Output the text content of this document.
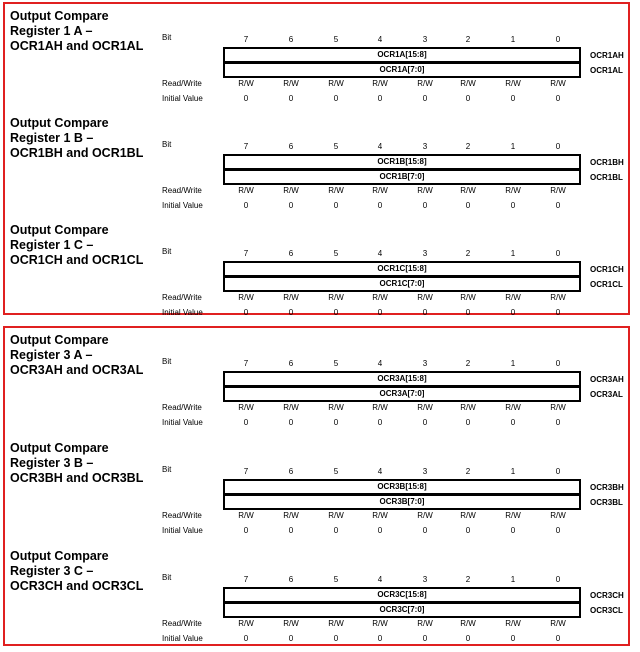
Output Compare
Register 1 A –
OCR1AH and OCR1AL
Bit
Read/Write
Initial Value
7
R/W
0
6
R/W
0
5
R/W
0
4
R/W
0
3
R/W
0
2
R/W
0
1
R/W
0
0
R/W
0
OCR1A[15:8]
OCR1A[7:0]
OCR1AH
OCR1AL
Output Compare
Register 1 B –
OCR1BH and OCR1BL
Bit
Read/Write
Initial Value
7
R/W
0
6
R/W
0
5
R/W
0
4
R/W
0
3
R/W
0
2
R/W
0
1
R/W
0
0
R/W
0
OCR1B[15:8]
OCR1B[7:0]
OCR1BH
OCR1BL
Output Compare
Register 1 C –
OCR1CH and OCR1CL
Bit
Read/Write
Initial Value
7
R/W
0
6
R/W
0
5
R/W
0
4
R/W
0
3
R/W
0
2
R/W
0
1
R/W
0
0
R/W
0
OCR1C[15:8]
OCR1C[7:0]
OCR1CH
OCR1CL
Output Compare
Register 3 A –
OCR3AH and OCR3AL
Bit
Read/Write
Initial Value
7
R/W
0
6
R/W
0
5
R/W
0
4
R/W
0
3
R/W
0
2
R/W
0
1
R/W
0
0
R/W
0
OCR3A[15:8]
OCR3A[7:0]
OCR3AH
OCR3AL
Output Compare
Register 3 B –
OCR3BH and OCR3BL
Bit
Read/Write
Initial Value
7
R/W
0
6
R/W
0
5
R/W
0
4
R/W
0
3
R/W
0
2
R/W
0
1
R/W
0
0
R/W
0
OCR3B[15:8]
OCR3B[7:0]
OCR3BH
OCR3BL
Output Compare
Register 3 C –
OCR3CH and OCR3CL
Bit
Read/Write
Initial Value
7
R/W
0
6
R/W
0
5
R/W
0
4
R/W
0
3
R/W
0
2
R/W
0
1
R/W
0
0
R/W
0
OCR3C[15:8]
OCR3C[7:0]
OCR3CH
OCR3CL
